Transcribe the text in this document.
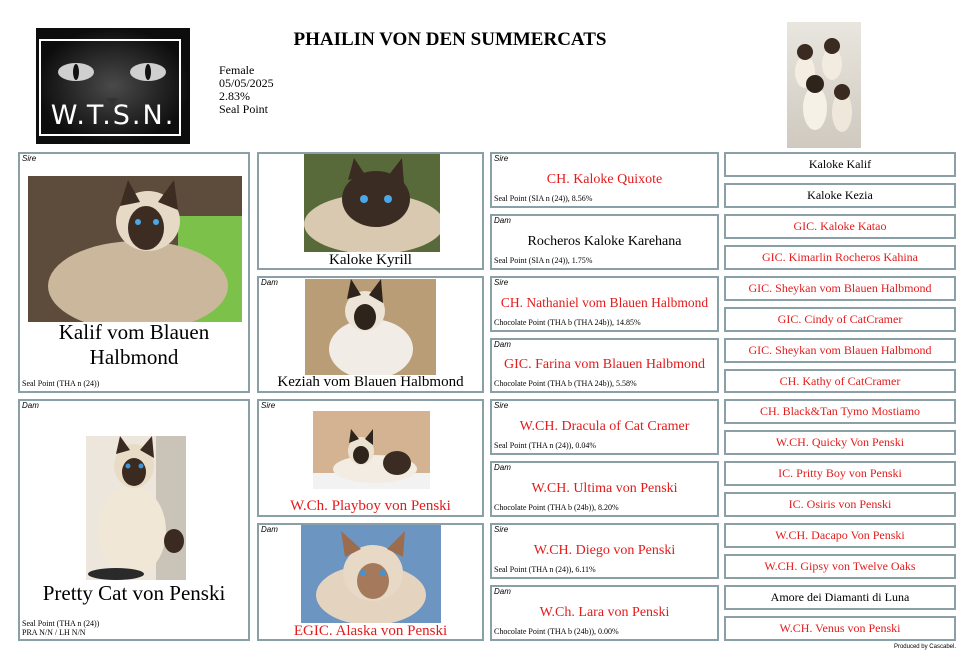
W.T.S.N.
PHAILIN VON DEN SUMMERCATS
Female
05/05/2025
2.83%
Seal Point
Sire
Kalif vom Blauen Halbmond
Seal Point (THA n (24))
Dam
Pretty Cat von Penski
Seal Point (THA n (24))
PRA N/N / LH N/N
Kaloke Kyrill
Dam
Keziah vom Blauen Halbmond
Sire
W.Ch. Playboy von Penski
Dam
EGIC. Alaska von Penski
Sire
CH. Kaloke Quixote
Seal Point (SIA n (24)), 8.56%
Dam
Rocheros Kaloke Karehana
Seal Point (SIA n (24)), 1.75%
Sire
CH. Nathaniel vom Blauen Halbmond
Chocolate Point (THA b (THA 24b)), 14.85%
Dam
GIC. Farina vom Blauen Halbmond
Chocolate Point (THA b (THA 24b)), 5.58%
Sire
W.CH. Dracula of Cat Cramer
Seal Point (THA n (24)), 0.04%
Dam
W.CH. Ultima von Penski
Chocolate Point (THA b (24b)), 8.20%
Sire
W.CH. Diego von Penski
Seal Point (THA n (24)), 6.11%
Dam
W.Ch. Lara von Penski
Chocolate Point (THA b (24b)), 0.00%
Kaloke Kalif
Kaloke Kezia
GIC. Kaloke Katao
GIC. Kimarlin Rocheros Kahina
GIC. Sheykan vom Blauen Halbmond
GIC. Cindy of CatCramer
GIC. Sheykan vom Blauen Halbmond
CH. Kathy of CatCramer
CH. Black&Tan Tymo Mostiamo
W.CH. Quicky Von Penski
IC. Pritty Boy von Penski
IC. Osiris von Penski
W.CH. Dacapo Von Penski
W.CH. Gipsy von Twelve Oaks
Amore dei Diamanti di Luna
W.CH. Venus von Penski
Produced by Cascabel.
